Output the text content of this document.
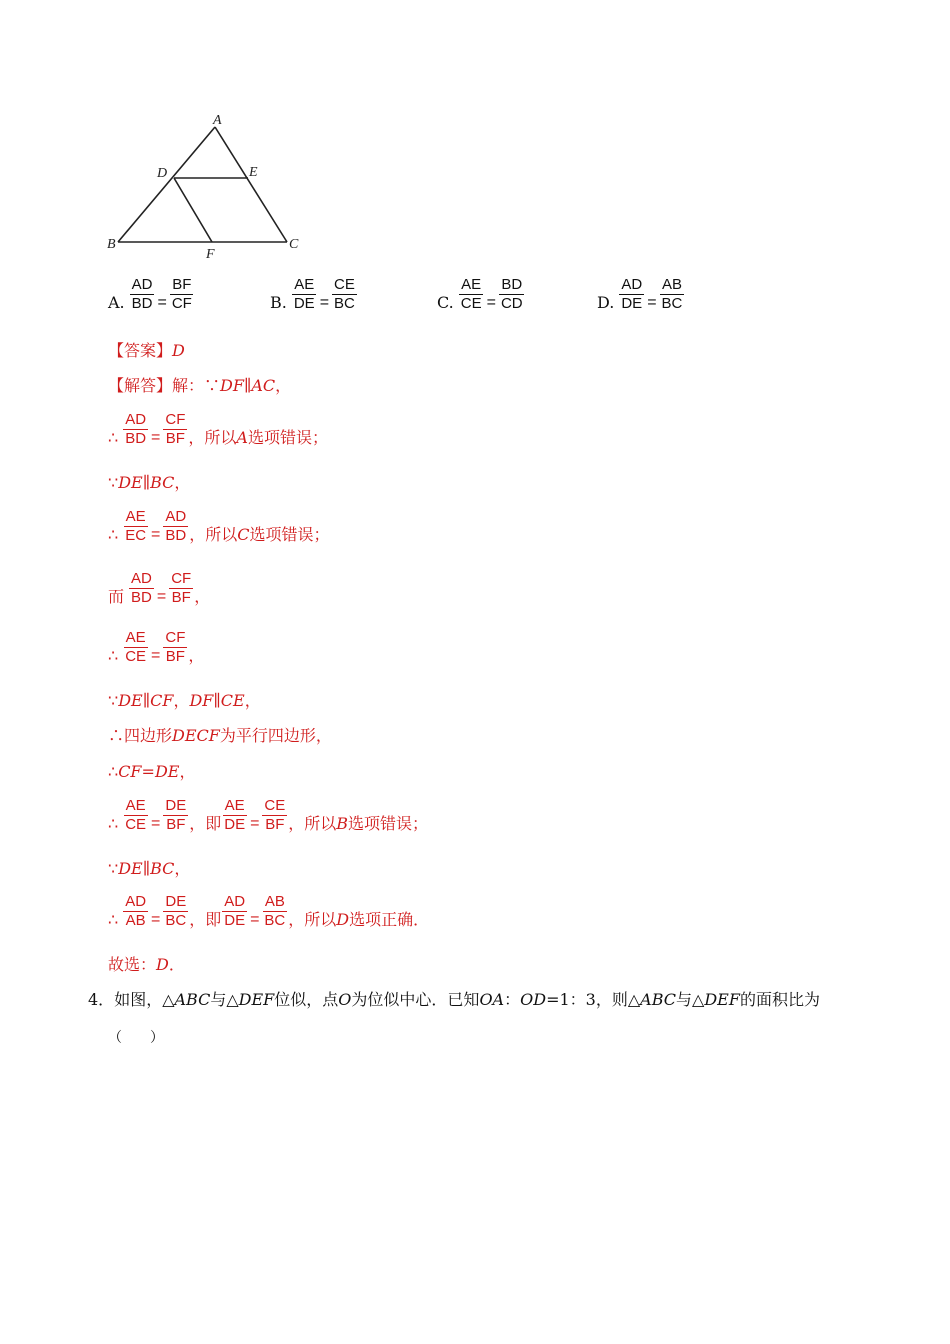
A
D	E
B	C
F
A. $\frac{AD}{BD} = \frac{BF}{CF}$	B. $\frac{AE}{DE} = \frac{CE}{BC}$	C. $\frac{AE}{CE} = \frac{BD}{CD}$	D. $\frac{AD}{DE} = \frac{AB}{BC}$
【答案】D
【解答】解：∵DF∥AC，
∴ $\frac{AD}{BD} = \frac{CF}{BF}$ ，所以 A 选项错误；
∵DE∥BC，
∴ $\frac{AE}{EC} = \frac{AD}{BD}$ ，所以 C 选项错误；
而 $\frac{AD}{BD} = \frac{CF}{BF}$ ，
∴ $\frac{AE}{CE} = \frac{CF}{BF}$ ，
∵DE∥CF，DF∥CE，
∴四边形DECF为平行四边形，
∴CF=DE，
∴ $\frac{AE}{CE} = \frac{DE}{BF}$ ，即 $\frac{AE}{DE} = \frac{CE}{BF}$ ，所以 B 选项错误；
∵DE∥BC，
∴ $\frac{AD}{AB} = \frac{DE}{BC}$ ，即 $\frac{AD}{DE} = \frac{AB}{BC}$ ，所以 D 选项正确．
故选：D．
4．如图，△ABC与△DEF位似，点O为位似中心．已知OA：OD=1：3，则△ABC与△DEF的面积比为
（　　）
